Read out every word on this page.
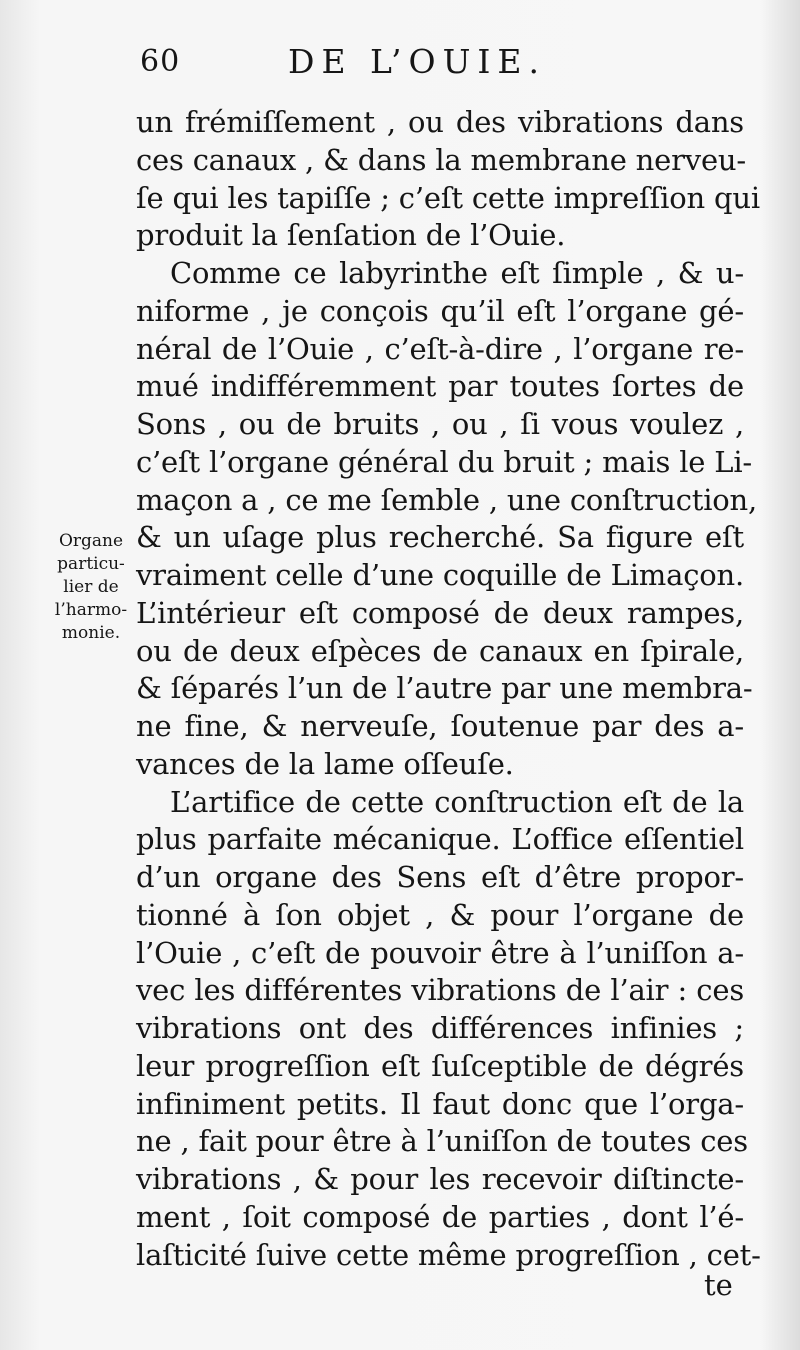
60	DE L’OUIE.
Organe
particu-
lier de
l’harmo-
monie.
un frémiſſement , ou des vibrations dans
ces canaux , & dans la membrane nerveu-
ſe qui les tapiſſe ; c’eſt cette impreſſion qui
produit la ſenſation de l’Ouie.
Comme ce labyrinthe eſt ſimple , & u-
niforme , je conçois qu’il eſt l’organe gé-
néral de l’Ouie , c’eſt-à-dire , l’organe re-
mué indifféremment par toutes ſortes de
Sons , ou de bruits , ou , ſi vous voulez ,
c’eſt l’organe général du bruit ; mais le Li-
maçon a , ce me ſemble , une conſtruction,
& un uſage plus recherché. Sa figure eſt
vraiment celle d’une coquille de Limaçon.
L’intérieur eſt composé de deux rampes,
ou de deux eſpèces de canaux en ſpirale,
& ſéparés l’un de l’autre par une membra-
ne fine, & nerveuſe, ſoutenue par des a-
vances de la lame oſſeuſe.
L’artifice de cette conſtruction eſt de la
plus parfaite mécanique. L’office eſſentiel
d’un organe des Sens eſt d’être propor-
tionné à ſon objet , & pour l’organe de
l’Ouie , c’eſt de pouvoir être à l’uniſſon a-
vec les différentes vibrations de l’air : ces
vibrations ont des différences infinies ;
leur progreſſion eſt ſuſceptible de dégrés
infiniment petits. Il faut donc que l’orga-
ne , fait pour être à l’uniſſon de toutes ces
vibrations , & pour les recevoir diſtincte-
ment , ſoit composé de parties , dont l’é-
laſticité ſuive cette même progreſſion , cet-
te
